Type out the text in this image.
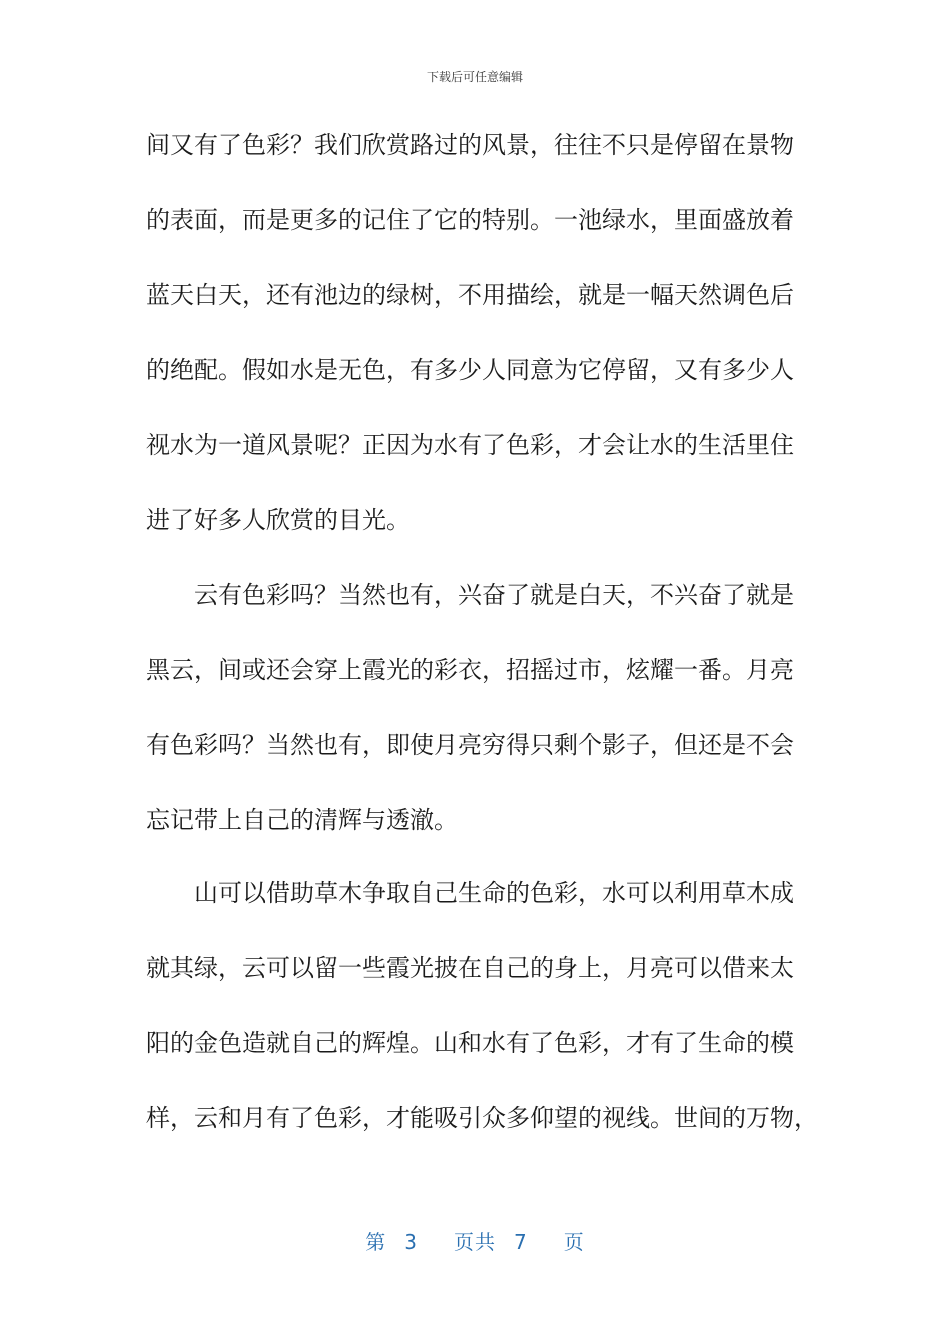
下载后可任意编辑
间又有了色彩？我们欣赏路过的风景，往往不只是停留在景物
的表面，而是更多的记住了它的特别。一池绿水，里面盛放着
蓝天白天，还有池边的绿树，不用描绘，就是一幅天然调色后
的绝配。假如水是无色，有多少人同意为它停留，又有多少人
视水为一道风景呢？正因为水有了色彩，才会让水的生活里住
进了好多人欣赏的目光。
云有色彩吗？当然也有，兴奋了就是白天，不兴奋了就是
黑云，间或还会穿上霞光的彩衣，招摇过市，炫耀一番。月亮
有色彩吗？当然也有，即使月亮穷得只剩个影子，但还是不会
忘记带上自己的清辉与透澈。
山可以借助草木争取自己生命的色彩，水可以利用草木成
就其绿，云可以留一些霞光披在自己的身上，月亮可以借来太
阳的金色造就自己的辉煌。山和水有了色彩，才有了生命的模
样，云和月有了色彩，才能吸引众多仰望的视线。世间的万物，
第 3 页共 7 页
